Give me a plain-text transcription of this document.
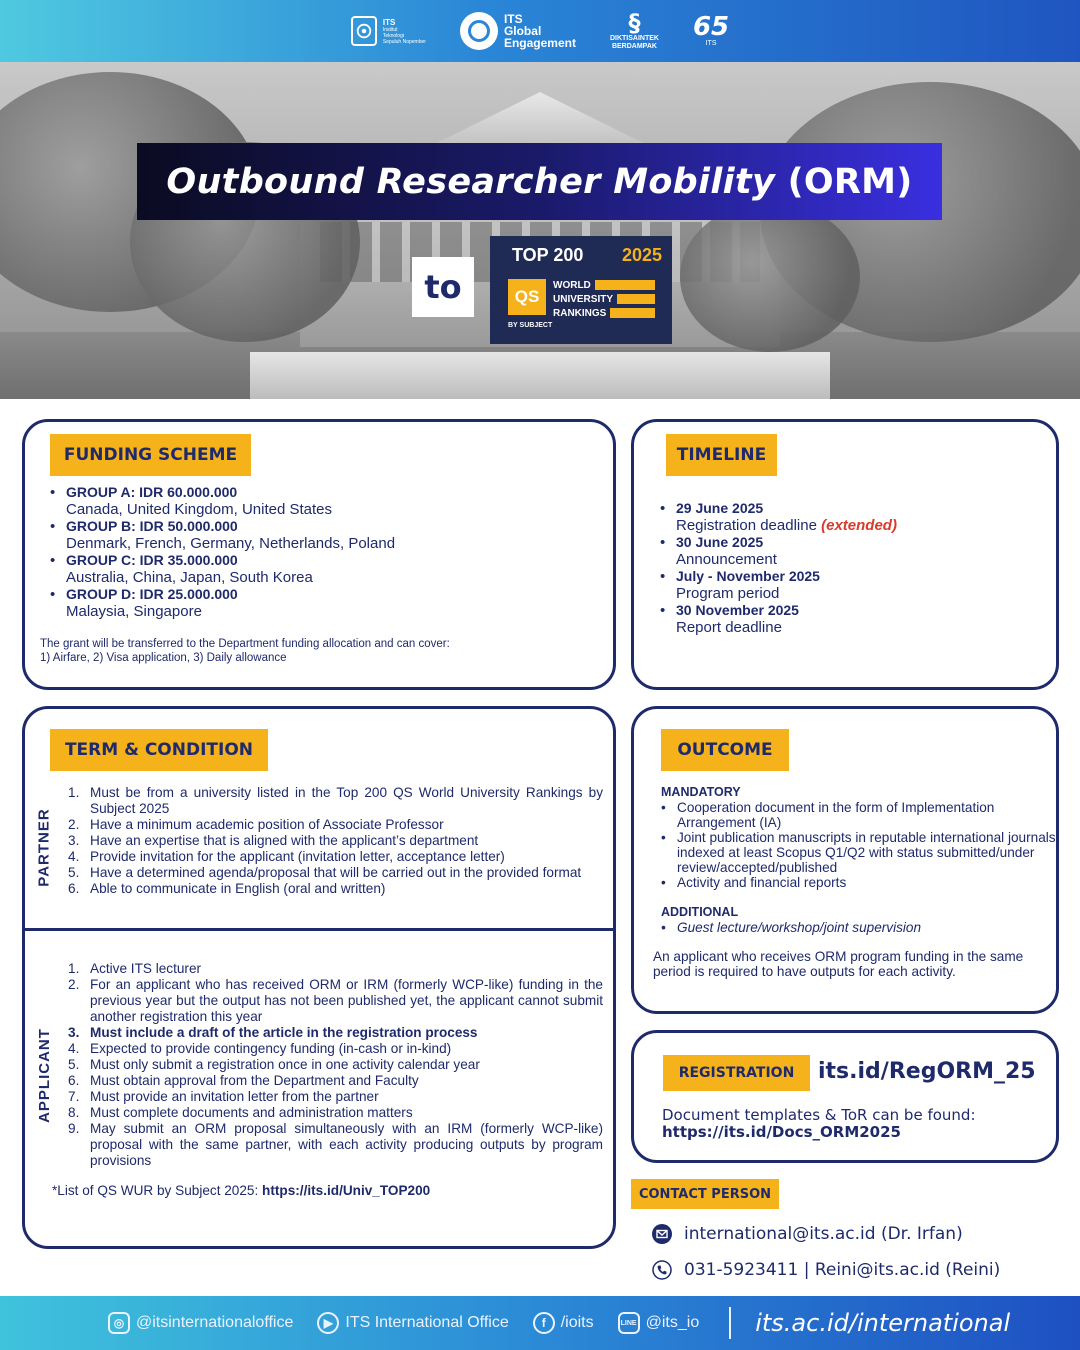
ITS
Institut
Teknologi
Sepuluh Nopember
ITS
Global
Engagement
§
DIKTISAINTEK
BERDAMPAK
65
ITS
Outbound Researcher Mobility (ORM)
to
TOP 200 2025
QS
WORLD
UNIVERSITY
RANKINGS
BY SUBJECT
FUNDING SCHEME
• GROUP A: IDR 60.000.000
Canada, United Kingdom, United States
• GROUP B: IDR 50.000.000
Denmark, French, Germany, Netherlands, Poland
• GROUP C: IDR 35.000.000
Australia, China, Japan, South Korea
• GROUP D: IDR 25.000.000
Malaysia, Singapore
The grant will be transferred to the Department funding allocation and can cover:
1) Airfare, 2) Visa application, 3) Daily allowance
TIMELINE
• 29 June 2025
Registration deadline (extended)
• 30 June 2025
Announcement
• July - November 2025
Program period
• 30 November 2025
Report deadline
TERM & CONDITION
PARTNER
Must be from a university listed in the Top 200 QS World University Rankings by Subject 2025
Have a minimum academic position of Associate Professor
Have an expertise that is aligned with the applicant’s department
Provide invitation for the applicant (invitation letter, acceptance letter)
Have a determined agenda/proposal that will be carried out in the provided format
Able to communicate in English (oral and written)
APPLICANT
Active ITS lecturer
For an applicant who has received ORM or IRM (formerly WCP-like) funding in the previous year but the output has not been published yet, the applicant cannot submit another registration this year
Must include a draft of the article in the registration process
Expected to provide contingency funding (in-cash or in-kind)
Must only submit a registration once in one activity calendar year
Must obtain approval from the Department and Faculty
Must provide an invitation letter from the partner
Must complete documents and administration matters
May submit an ORM proposal simultaneously with an IRM (formerly WCP-like) proposal with the same partner, with each activity producing outputs by program provisions
*List of QS WUR by Subject 2025: https://its.id/Univ_TOP200
OUTCOME
MANDATORY
• Cooperation document in the form of Implementation Arrangement (IA)
• Joint publication manuscripts in reputable international journals indexed at least Scopus Q1/Q2 with status submitted/under review/accepted/published
• Activity and financial reports
ADDITIONAL
• Guest lecture/workshop/joint supervision
An applicant who receives ORM program funding in the same period is required to have outputs for each activity.
REGISTRATION	its.id/RegORM_25
Document templates & ToR can be found:
https://its.id/Docs_ORM2025
CONTACT PERSON
international@its.ac.id (Dr. Irfan)
031-5923411 | Reini@its.ac.id (Reini)
◎ @itsinternationaloffice	▶ ITS International Office	f /ioits	LINE @its_io its.ac.id/international
